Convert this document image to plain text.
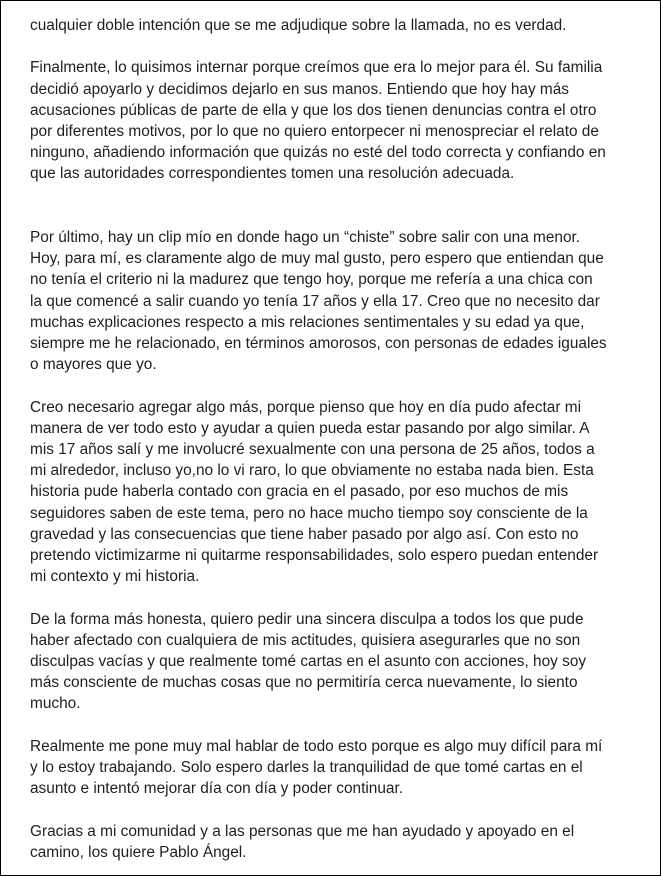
cualquier doble intención que se me adjudique sobre la llamada, no es verdad.

Finalmente, lo quisimos internar porque creímos que era lo mejor para él. Su familia
decidió apoyarlo y decidimos dejarlo en sus manos. Entiendo que hoy hay más
acusaciones públicas de parte de ella y que los dos tienen denuncias contra el otro
por diferentes motivos, por lo que no quiero entorpecer ni menospreciar el relato de
ninguno, añadiendo información que quizás no esté del todo correcta y confiando en
que las autoridades correspondientes tomen una resolución adecuada.

Por último, hay un clip mío en donde hago un “chiste” sobre salir con una menor.
Hoy, para mí, es claramente algo de muy mal gusto, pero espero que entiendan que
no tenía el criterio ni la madurez que tengo hoy, porque me refería a una chica con
la que comencé a salir cuando yo tenía 17 años y ella 17. Creo que no necesito dar
muchas explicaciones respecto a mis relaciones sentimentales y su edad ya que,
siempre me he relacionado, en términos amorosos, con personas de edades iguales
o mayores que yo.

Creo necesario agregar algo más, porque pienso que hoy en día pudo afectar mi
manera de ver todo esto y ayudar a quien pueda estar pasando por algo similar. A
mis 17 años salí y me involucré sexualmente con una persona de 25 años, todos a
mi alrededor, incluso yo,no lo vi raro, lo que obviamente no estaba nada bien. Esta
historia pude haberla contado con gracia en el pasado, por eso muchos de mis
seguidores saben de este tema, pero no hace mucho tiempo soy consciente de la
gravedad y las consecuencias que tiene haber pasado por algo así. Con esto no
pretendo victimizarme ni quitarme responsabilidades, solo espero puedan entender
mi contexto y mi historia.

De la forma más honesta, quiero pedir una sincera disculpa a todos los que pude
haber afectado con cualquiera de mis actitudes, quisiera asegurarles que no son
disculpas vacías y que realmente tomé cartas en el asunto con acciones, hoy soy
más consciente de muchas cosas que no permitiría cerca nuevamente, lo siento
mucho.

Realmente me pone muy mal hablar de todo esto porque es algo muy difícil para mí
y lo estoy trabajando. Solo espero darles la tranquilidad de que tomé cartas en el
asunto e intentó mejorar día con día y poder continuar.

Gracias a mi comunidad y a las personas que me han ayudado y apoyado en el
camino, los quiere Pablo Ángel.
